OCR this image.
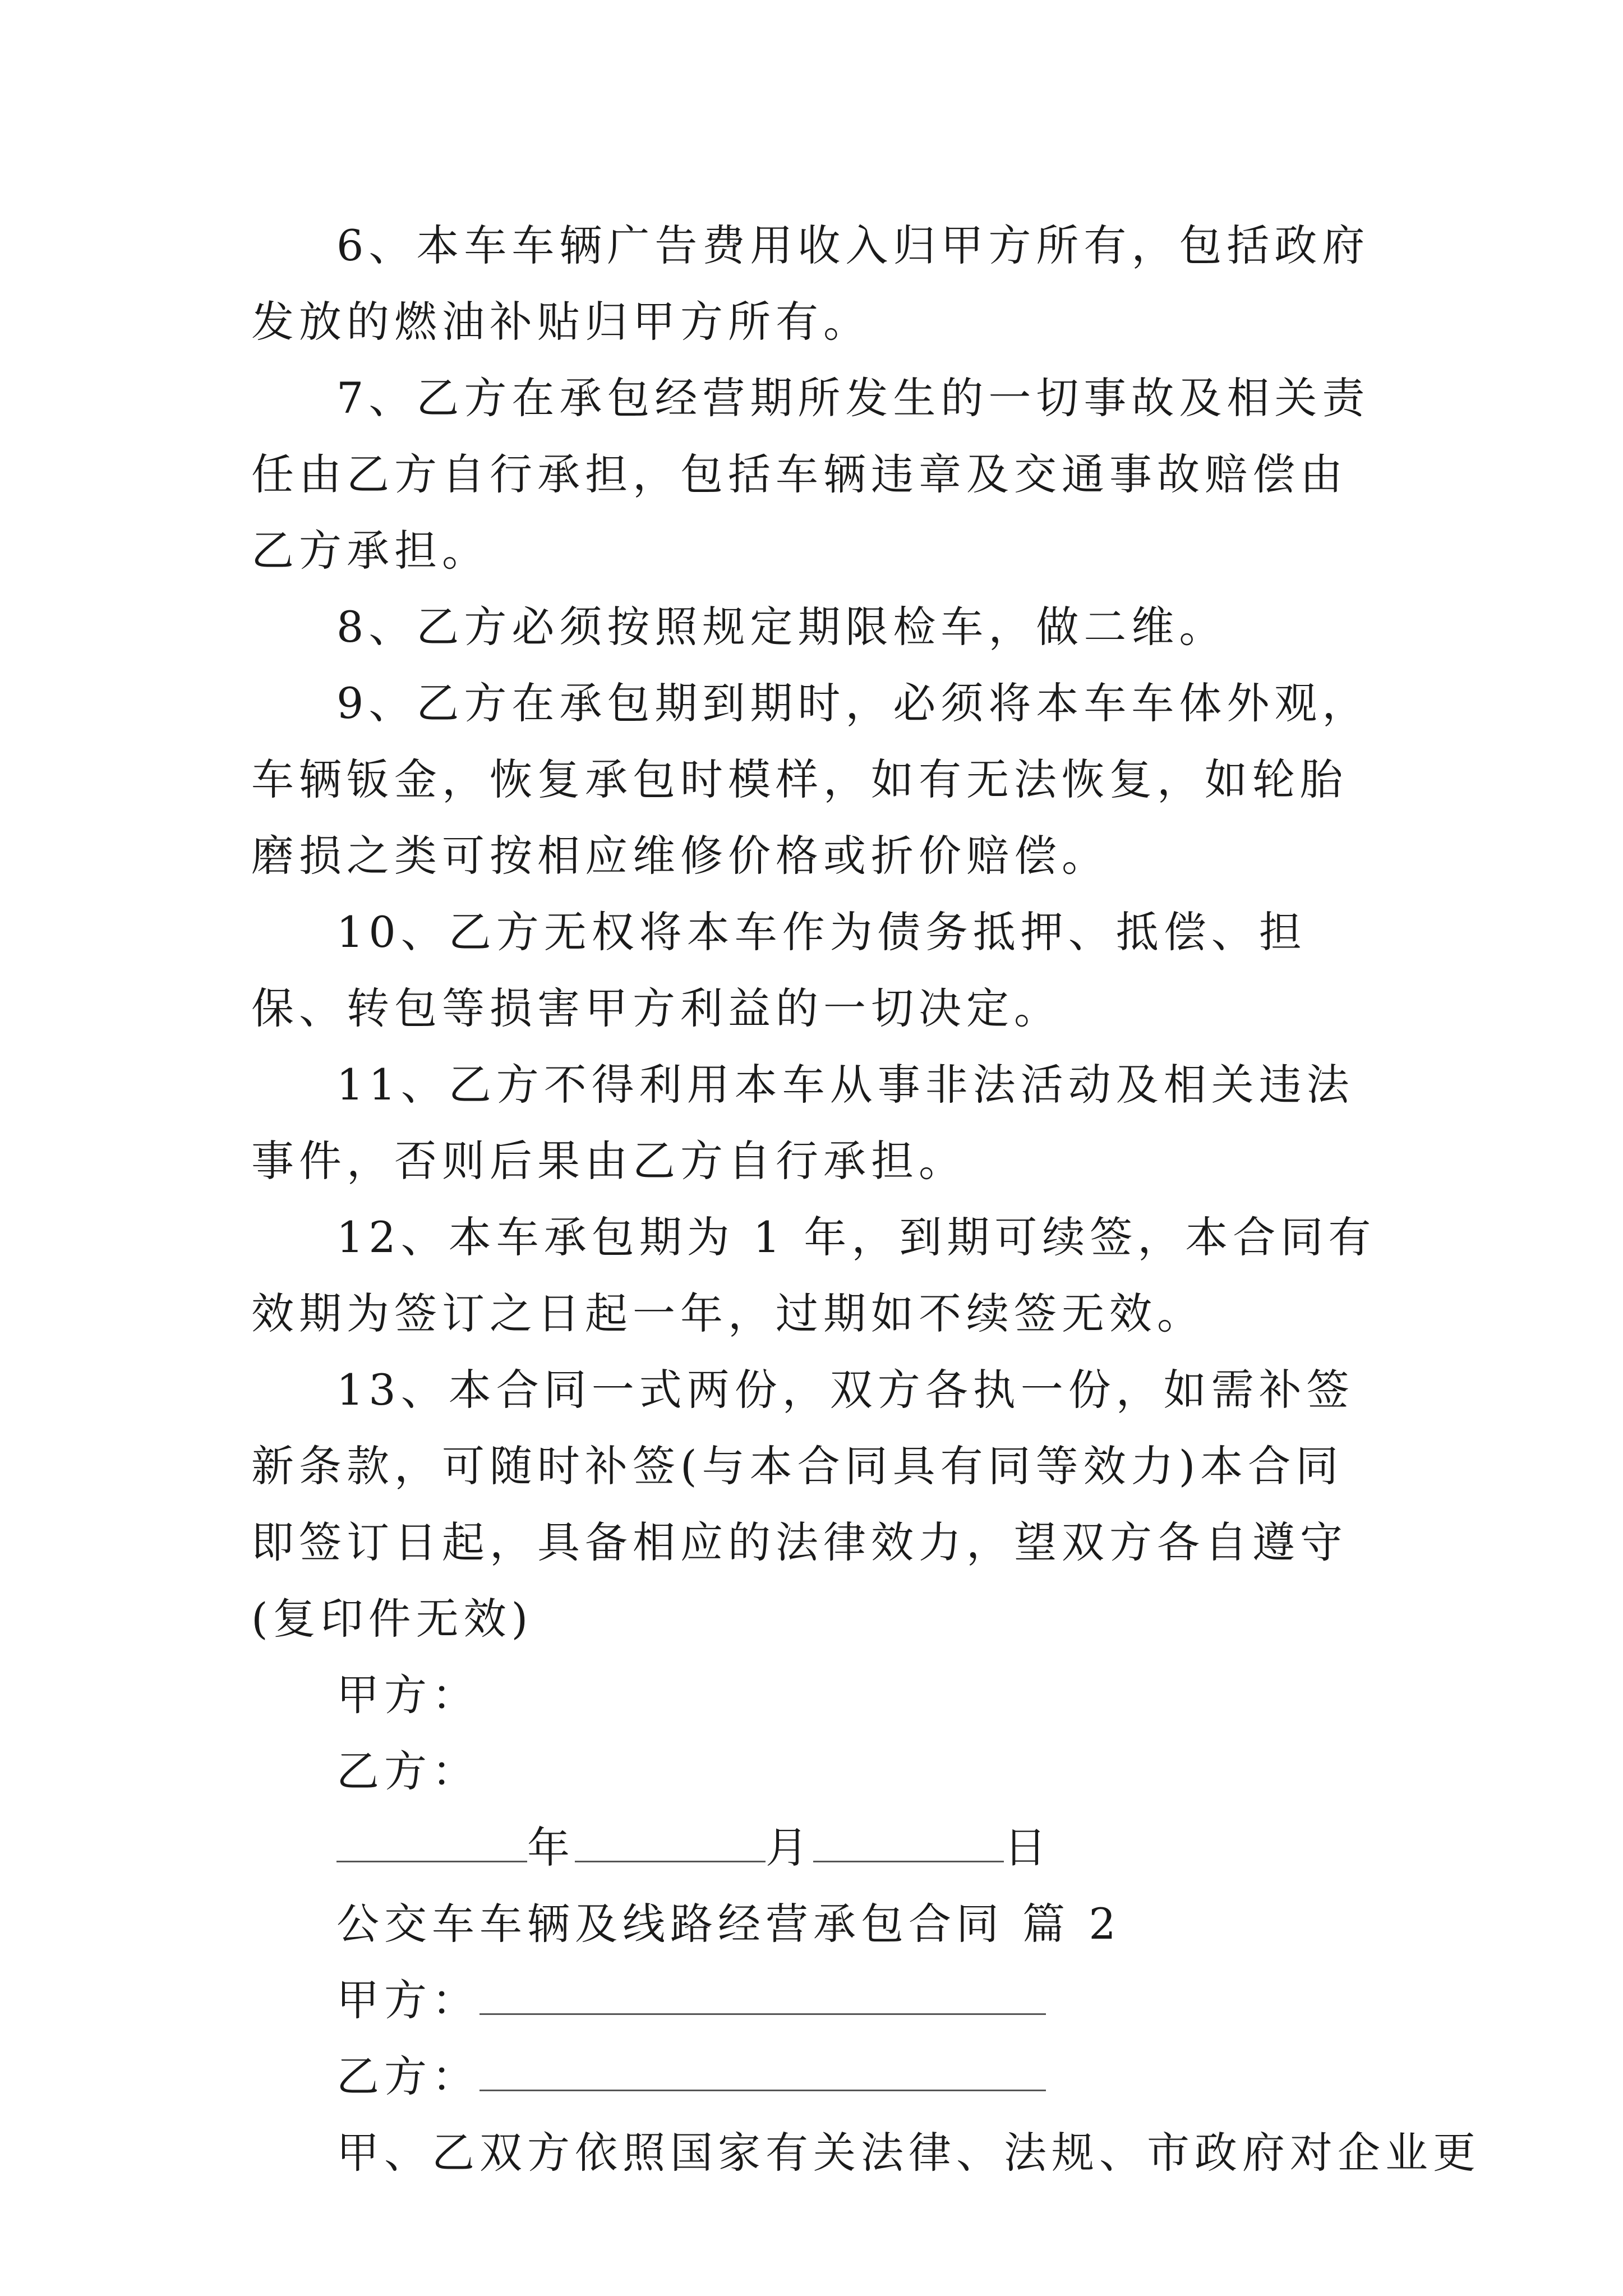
6、本车车辆广告费用收入归甲方所有，包括政府发放的燃油补贴归甲方所有。

7、乙方在承包经营期所发生的一切事故及相关责任由乙方自行承担，包括车辆违章及交通事故赔偿由乙方承担。

8、乙方必须按照规定期限检车，做二维。

9、乙方在承包期到期时，必须将本车车体外观，车辆钣金，恢复承包时模样，如有无法恢复，如轮胎磨损之类可按相应维修价格或折价赔偿。

10、乙方无权将本车作为债务抵押、抵偿、担保、转包等损害甲方利益的一切决定。

11、乙方不得利用本车从事非法活动及相关违法事件，否则后果由乙方自行承担。

12、本车承包期为 1 年，到期可续签，本合同有效期为签订之日起一年，过期如不续签无效。

13、本合同一式两份，双方各执一份，如需补签新条款，可随时补签(与本合同具有同等效力)本合同即签订日起，具备相应的法律效力，望双方各自遵守(复印件无效)

甲方：

乙方：

年	月	日

公交车车辆及线路经营承包合同 篇 2

甲方：

乙方：

甲、乙双方依照国家有关法律、法规、市政府对企业更
